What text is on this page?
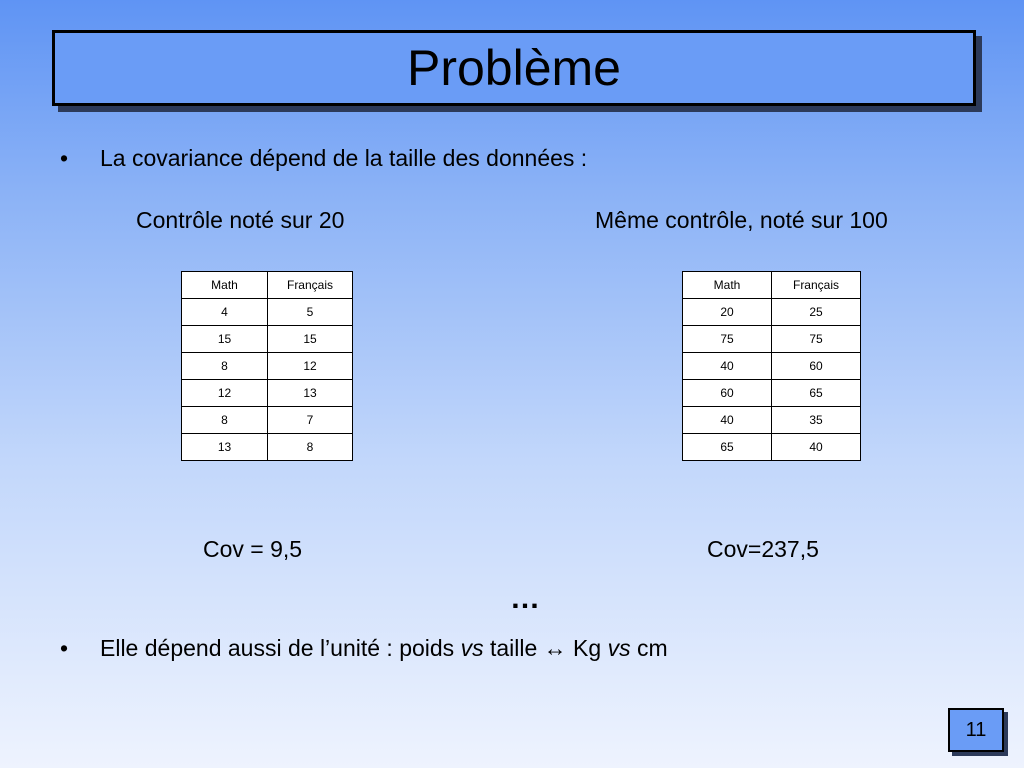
Problème
•	La covariance dépend de la taille des données :
Contrôle noté sur 20	Même contrôle, noté sur 100
Math	Français
4	5
15	15
8	12
12	13
8	7
13	8
Math	Français
20	25
75	75
40	60
60	65
40	35
65	40
Cov = 9,5	Cov=237,5
…
•	Elle dépend aussi de l’unité : poids vs taille ↔ Kg vs cm
11
